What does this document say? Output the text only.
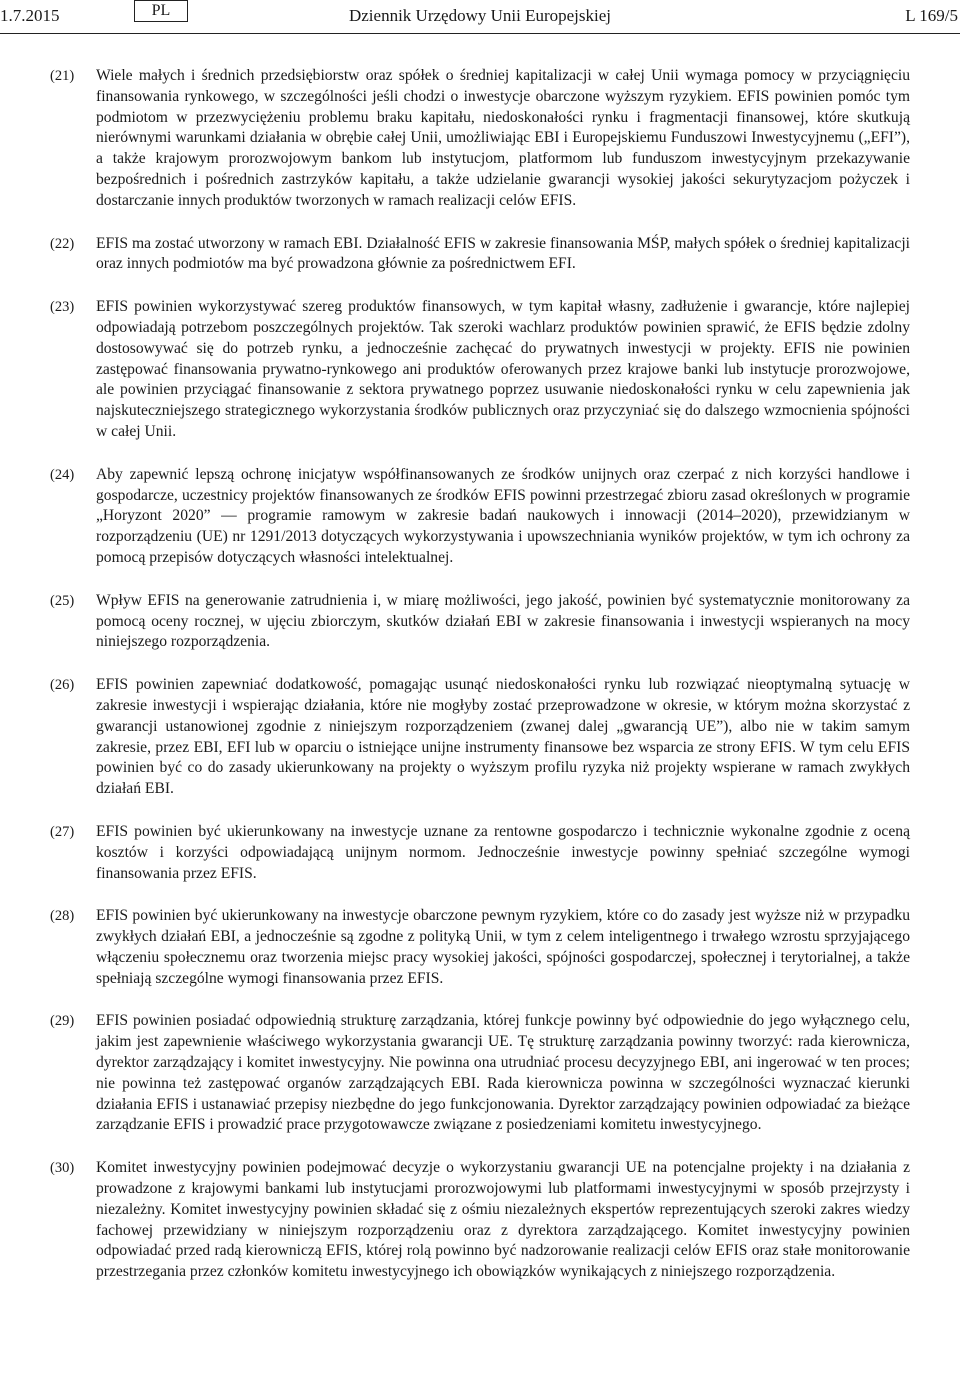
1.7.2015	PL	Dziennik Urzędowy Unii Europejskiej	L 169/5
(21) Wiele małych i średnich przedsiębiorstw oraz spółek o średniej kapitalizacji w całej Unii wymaga pomocy w przyciągnięciu finansowania rynkowego, w szczególności jeśli chodzi o inwestycje obarczone wyższym ryzykiem. EFIS powinien pomóc tym podmiotom w przezwyciężeniu problemu braku kapitału, niedoskonałości rynku i fragmentacji finansowej, które skutkują nierównymi warunkami działania w obrębie całej Unii, umożliwiając EBI i Europejskiemu Funduszowi Inwestycyjnemu („EFI”), a także krajowym prorozwojowym bankom lub instytucjom, platformom lub funduszom inwestycyjnym przekazywanie bezpośrednich i pośrednich zastrzyków kapitału, a także udzielanie gwarancji wysokiej jakości sekurytyzacjom pożyczek i dostarczanie innych produktów tworzonych w ramach realizacji celów EFIS.
(22) EFIS ma zostać utworzony w ramach EBI. Działalność EFIS w zakresie finansowania MŚP, małych spółek o średniej kapitalizacji oraz innych podmiotów ma być prowadzona głównie za pośrednictwem EFI.
(23) EFIS powinien wykorzystywać szereg produktów finansowych, w tym kapitał własny, zadłużenie i gwarancje, które najlepiej odpowiadają potrzebom poszczególnych projektów. Tak szeroki wachlarz produktów powinien sprawić, że EFIS będzie zdolny dostosowywać się do potrzeb rynku, a jednocześnie zachęcać do prywatnych inwestycji w projekty. EFIS nie powinien zastępować finansowania prywatno-rynkowego ani produktów oferowanych przez krajowe banki lub instytucje prorozwojowe, ale powinien przyciągać finansowanie z sektora prywatnego poprzez usuwanie niedoskonałości rynku w celu zapewnienia jak najskuteczniejszego strategicznego wykorzystania środków publicznych oraz przyczyniać się do dalszego wzmocnienia spójności w całej Unii.
(24) Aby zapewnić lepszą ochronę inicjatyw współfinansowanych ze środków unijnych oraz czerpać z nich korzyści handlowe i gospodarcze, uczestnicy projektów finansowanych ze środków EFIS powinni przestrzegać zbioru zasad określonych w programie „Horyzont 2020” — programie ramowym w zakresie badań naukowych i innowacji (2014–2020), przewidzianym w rozporządzeniu (UE) nr 1291/2013 dotyczących wykorzystywania i upowszechniania wyników projektów, w tym ich ochrony za pomocą przepisów dotyczących własności intelektualnej.
(25) Wpływ EFIS na generowanie zatrudnienia i, w miarę możliwości, jego jakość, powinien być systematycznie monitorowany za pomocą oceny rocznej, w ujęciu zbiorczym, skutków działań EBI w zakresie finansowania i inwestycji wspieranych na mocy niniejszego rozporządzenia.
(26) EFIS powinien zapewniać dodatkowość, pomagając usunąć niedoskonałości rynku lub rozwiązać nieoptymalną sytuację w zakresie inwestycji i wspierając działania, które nie mogłyby zostać przeprowadzone w okresie, w którym można skorzystać z gwarancji ustanowionej zgodnie z niniejszym rozporządzeniem (zwanej dalej „gwarancją UE”), albo nie w takim samym zakresie, przez EBI, EFI lub w oparciu o istniejące unijne instrumenty finansowe bez wsparcia ze strony EFIS. W tym celu EFIS powinien być co do zasady ukierunkowany na projekty o wyższym profilu ryzyka niż projekty wspierane w ramach zwykłych działań EBI.
(27) EFIS powinien być ukierunkowany na inwestycje uznane za rentowne gospodarczo i technicznie wykonalne zgodnie z oceną kosztów i korzyści odpowiadającą unijnym normom. Jednocześnie inwestycje powinny spełniać szczególne wymogi finansowania przez EFIS.
(28) EFIS powinien być ukierunkowany na inwestycje obarczone pewnym ryzykiem, które co do zasady jest wyższe niż w przypadku zwykłych działań EBI, a jednocześnie są zgodne z polityką Unii, w tym z celem inteligentnego i trwałego wzrostu sprzyjającego włączeniu społecznemu oraz tworzenia miejsc pracy wysokiej jakości, spójności gospodarczej, społecznej i terytorialnej, a także spełniają szczególne wymogi finansowania przez EFIS.
(29) EFIS powinien posiadać odpowiednią strukturę zarządzania, której funkcje powinny być odpowiednie do jego wyłącznego celu, jakim jest zapewnienie właściwego wykorzystania gwarancji UE. Tę strukturę zarządzania powinny tworzyć: rada kierownicza, dyrektor zarządzający i komitet inwestycyjny. Nie powinna ona utrudniać procesu decyzyjnego EBI, ani ingerować w ten proces; nie powinna też zastępować organów zarządzających EBI. Rada kierownicza powinna w szczególności wyznaczać kierunki działania EFIS i ustanawiać przepisy niezbędne do jego funkcjonowania. Dyrektor zarządzający powinien odpowiadać za bieżące zarządzanie EFIS i prowadzić prace przygotowawcze związane z posiedzeniami komitetu inwestycyjnego.
(30) Komitet inwestycyjny powinien podejmować decyzje o wykorzystaniu gwarancji UE na potencjalne projekty i na działania z prowadzone z krajowymi bankami lub instytucjami prorozwojowymi lub platformami inwestycyjnymi w sposób przejrzysty i niezależny. Komitet inwestycyjny powinien składać się z ośmiu niezależnych ekspertów reprezentujących szeroki zakres wiedzy fachowej przewidziany w niniejszym rozporządzeniu oraz z dyrektora zarządzającego. Komitet inwestycyjny powinien odpowiadać przed radą kierowniczą EFIS, której rolą powinno być nadzorowanie realizacji celów EFIS oraz stałe monitorowanie przestrzegania przez członków komitetu inwestycyjnego ich obowiązków wynikających z niniejszego rozporządzenia.
